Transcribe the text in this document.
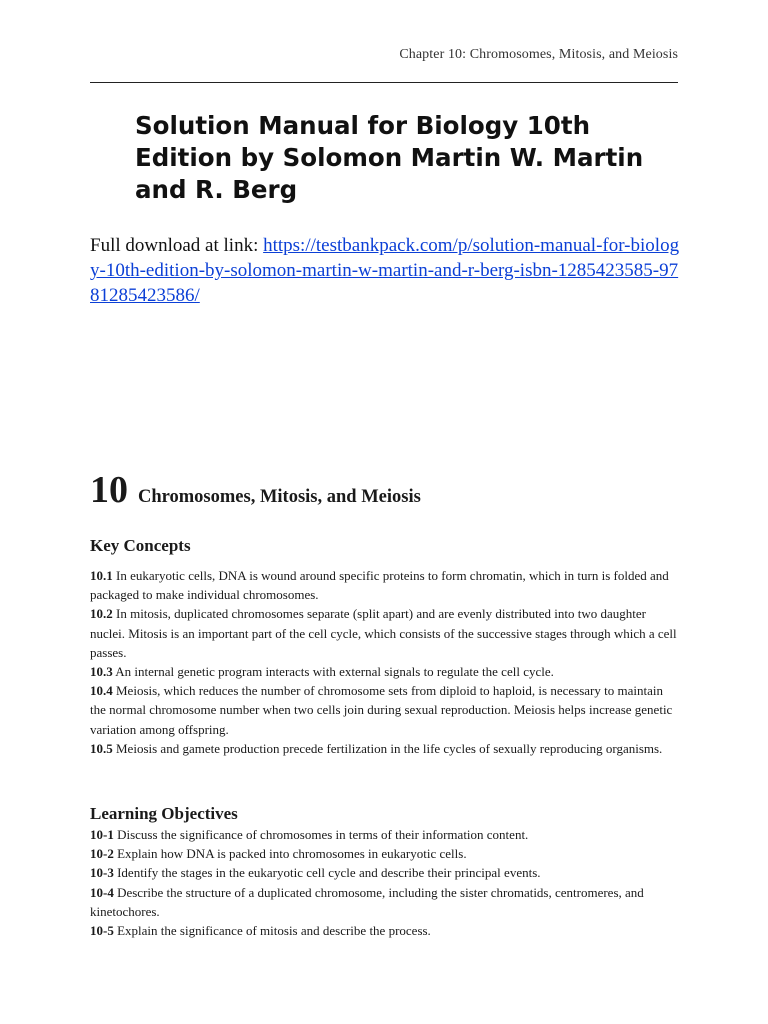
Chapter 10: Chromosomes, Mitosis, and Meiosis
Solution Manual for Biology 10th Edition by Solomon Martin W. Martin and R. Berg

Full download at link: https://testbankpack.com/p/solution-manual-for-biology-10th-edition-by-solomon-martin-w-martin-and-r-berg-isbn-1285423585-9781285423586/

10 Chromosomes, Mitosis, and Meiosis
Key Concepts
10.1 In eukaryotic cells, DNA is wound around specific proteins to form chromatin, which in turn is folded and packaged to make individual chromosomes.
10.2 In mitosis, duplicated chromosomes separate (split apart) and are evenly distributed into two daughter nuclei. Mitosis is an important part of the cell cycle, which consists of the successive stages through which a cell passes.
10.3 An internal genetic program interacts with external signals to regulate the cell cycle.
10.4 Meiosis, which reduces the number of chromosome sets from diploid to haploid, is necessary to maintain the normal chromosome number when two cells join during sexual reproduction. Meiosis helps increase genetic variation among offspring.
10.5 Meiosis and gamete production precede fertilization in the life cycles of sexually reproducing organisms.
Learning Objectives
10-1 Discuss the significance of chromosomes in terms of their information content.
10-2 Explain how DNA is packed into chromosomes in eukaryotic cells.
10-3 Identify the stages in the eukaryotic cell cycle and describe their principal events.
10-4 Describe the structure of a duplicated chromosome, including the sister chromatids, centromeres, and kinetochores.
10-5 Explain the significance of mitosis and describe the process.
